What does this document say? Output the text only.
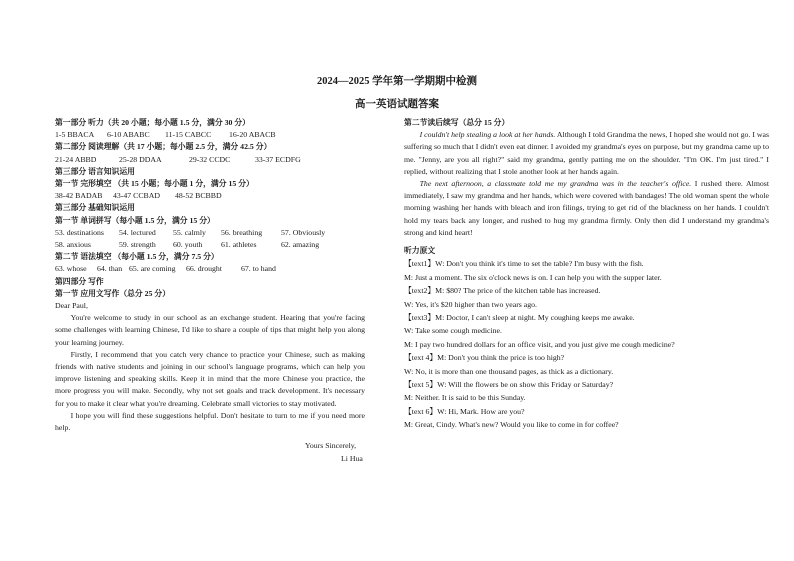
2024—2025 学年第一学期期中检测
高一英语试题答案
第一部分 听力（共 20 小题；每小题 1.5 分，满分 30 分）
1-5 BBACA	6-10 ABABC	11-15 CABCC	16-20 ABACB
第二部分 阅读理解（共 17 小题；每小题 2.5 分，满分 42.5 分）
21-24 ABBD	25-28 DDAA	29-32 CCDC	33-37 ECDFG
第三部分 语言知识运用
第一节 完形填空 （共 15 小题；每小题 1 分，满分 15 分）
38-42 BADAB	43-47 CCBAD	48-52 BCBBD
第三部分 基础知识运用
第一节 单词拼写（每小题 1.5 分，满分 15 分）
53. destinations	54. lectured	55. calmly	56. breathing	57. Obviously
58. anxious	59. strength	60. youth	61. athletes	62. amazing
第二节 语法填空 （每小题 1.5 分，满分 7.5 分）
63. whose	64. than 65. are coming	66. drought	67. to hand
第四部分 写作
第一节 应用文写作（总分 25 分）
Dear Paul,
You're welcome to study in our school as an exchange student. Hearing that you're facing some challenges with learning Chinese, I'd like to share a couple of tips that might help you along your learning journey.
Firstly, I recommend that you catch very chance to practice your Chinese, such as making friends with native students and joining in our school's language programs, which can help you improve listening and speaking skills. Keep it in mind that the more Chinese you practice, the more progress you will make. Secondly, why not set goals and track development. It's necessary for you to make it clear what you're dreaming. Celebrate small victories to stay motivated.
I hope you will find these suggestions helpful. Don't hesitate to turn to me if you need more help.
Yours Sincerely,
Li Hua
第二节读后续写（总分 15 分）
I couldn't help stealing a look at her hands. Although I told Grandma the news, I hoped she would not go. I was suffering so much that I didn't even eat dinner. I avoided my grandma's eyes on purpose, but my grandma came up to me. "Jenny, are you all right?" said my grandma, gently patting me on the shoulder. "I'm OK. I'm just tired." I replied, without realizing that I stole another look at her hands again.
The next afternoon, a classmate told me my grandma was in the teacher's office. I rushed there. Almost immediately, I saw my grandma and her hands, which were covered with bandages! The old woman spent the whole morning washing her hands with bleach and iron filings, trying to get rid of the blackness on her hands. I couldn't hold my tears back any longer, and rushed to hug my grandma firmly. Only then did I understand my grandma's strong and kind heart!
听力原文
【text1】W: Don't you think it's time to set the table? I'm busy with the fish.
M: Just a moment. The six o'clock news is on. I can help you with the supper later.
【text2】M: $80? The price of the kitchen table has increased.
W: Yes, it's $20 higher than two years ago.
【text3】M: Doctor, I can't sleep at night. My coughing keeps me awake.
W: Take some cough medicine.
M: I pay two hundred dollars for an office visit, and you just give me cough medicine?
【text 4】M: Don't you think the price is too high?
W: No, it is more than one thousand pages, as thick as a dictionary.
【text 5】W: Will the flowers be on show this Friday or Saturday?
M: Neither. It is said to be this Sunday.
【text 6】W: Hi, Mark. How are you?
M: Great, Cindy. What's new? Would you like to come in for coffee?
